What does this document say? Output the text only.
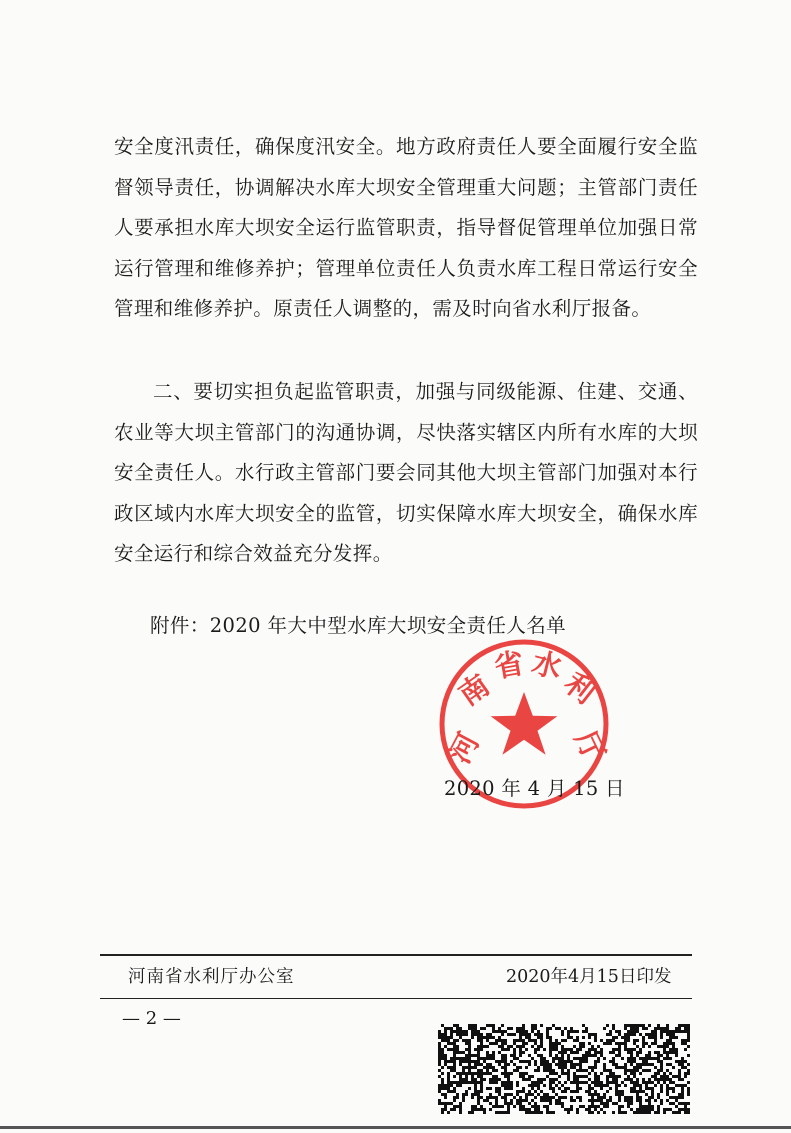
安全度汛责任，确保度汛安全。地方政府责任人要全面履行安全监督领导责任，协调解决水库大坝安全管理重大问题；主管部门责任人要承担水库大坝安全运行监管职责，指导督促管理单位加强日常运行管理和维修养护；管理单位责任人负责水库工程日常运行安全管理和维修养护。原责任人调整的，需及时向省水利厅报备。

二、要切实担负起监管职责，加强与同级能源、住建、交通、农业等大坝主管部门的沟通协调，尽快落实辖区内所有水库的大坝安全责任人。水行政主管部门要会同其他大坝主管部门加强对本行政区域内水库大坝安全的监管，切实保障水库大坝安全，确保水库安全运行和综合效益充分发挥。

附件：2020 年大中型水库大坝安全责任人名单
河
南
省 水
利
厅
2020 年 4 月 15 日
河南省水利厅办公室	2020年4月15日印发
— 2 —
